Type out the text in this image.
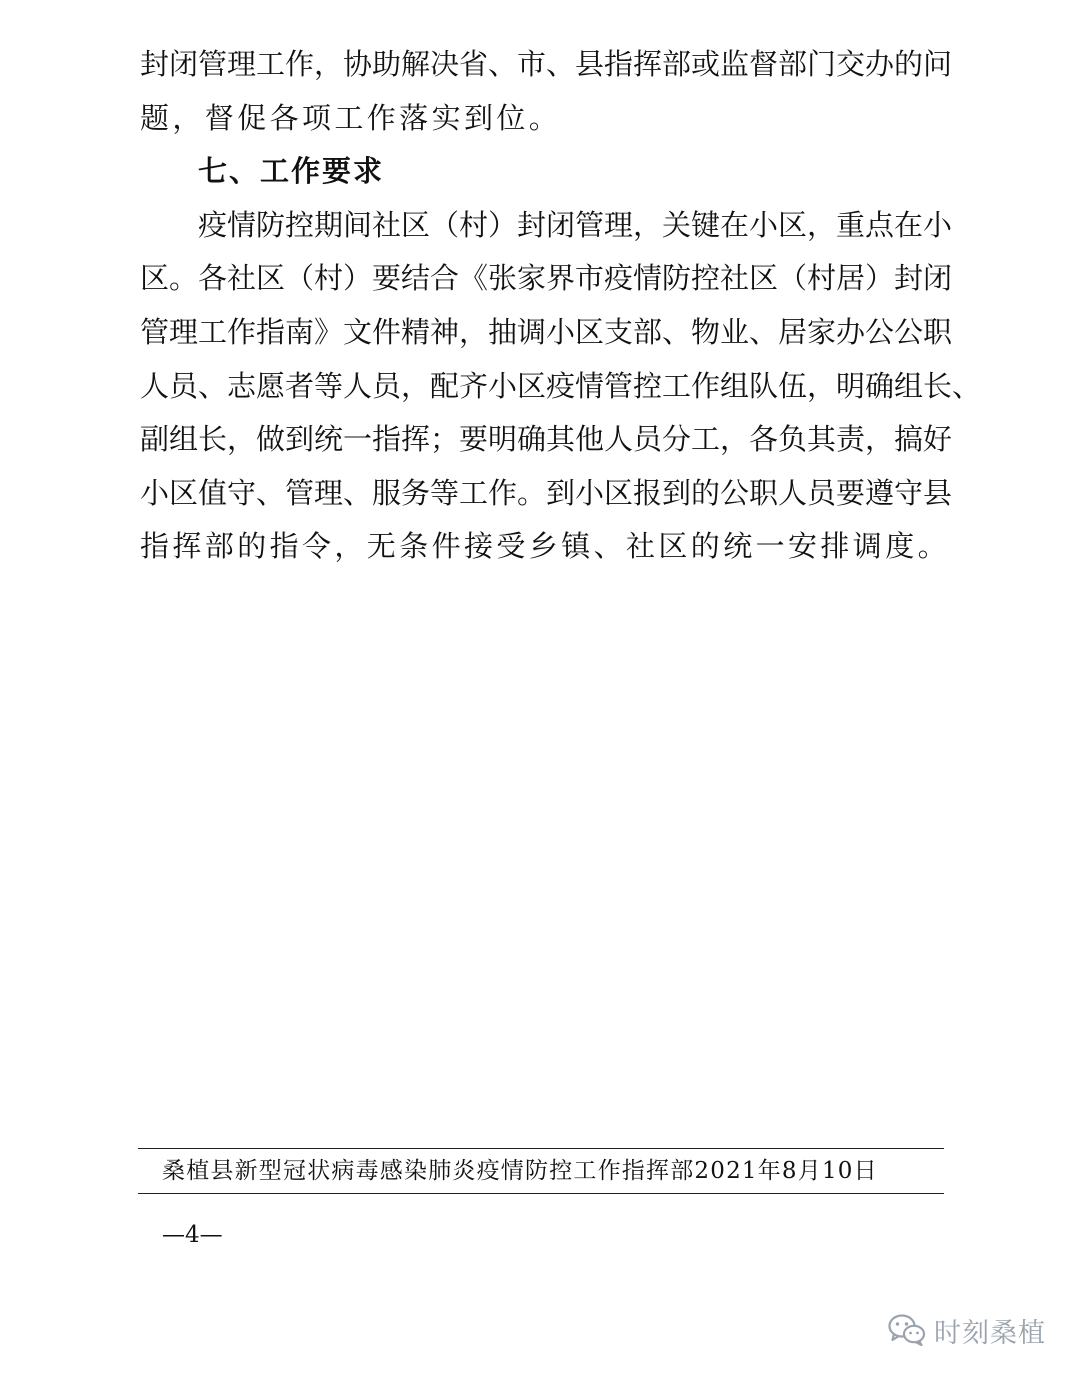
封闭管理工作，协助解决省、市、县指挥部或监督部门交办的问
题，督促各项工作落实到位。
七、工作要求
疫情防控期间社区（村）封闭管理，关键在小区，重点在小
区。各社区（村）要结合《张家界市疫情防控社区（村居）封闭
管理工作指南》文件精神，抽调小区支部、物业、居家办公公职
人员、志愿者等人员，配齐小区疫情管控工作组队伍，明确组长、
副组长，做到统一指挥；要明确其他人员分工，各负其责，搞好
小区值守、管理、服务等工作。到小区报到的公职人员要遵守县
指挥部的指令，无条件接受乡镇、社区的统一安排调度。
桑植县新型冠状病毒感染肺炎疫情防控工作指挥部2021年8月10日
—4—
时刻桑植
